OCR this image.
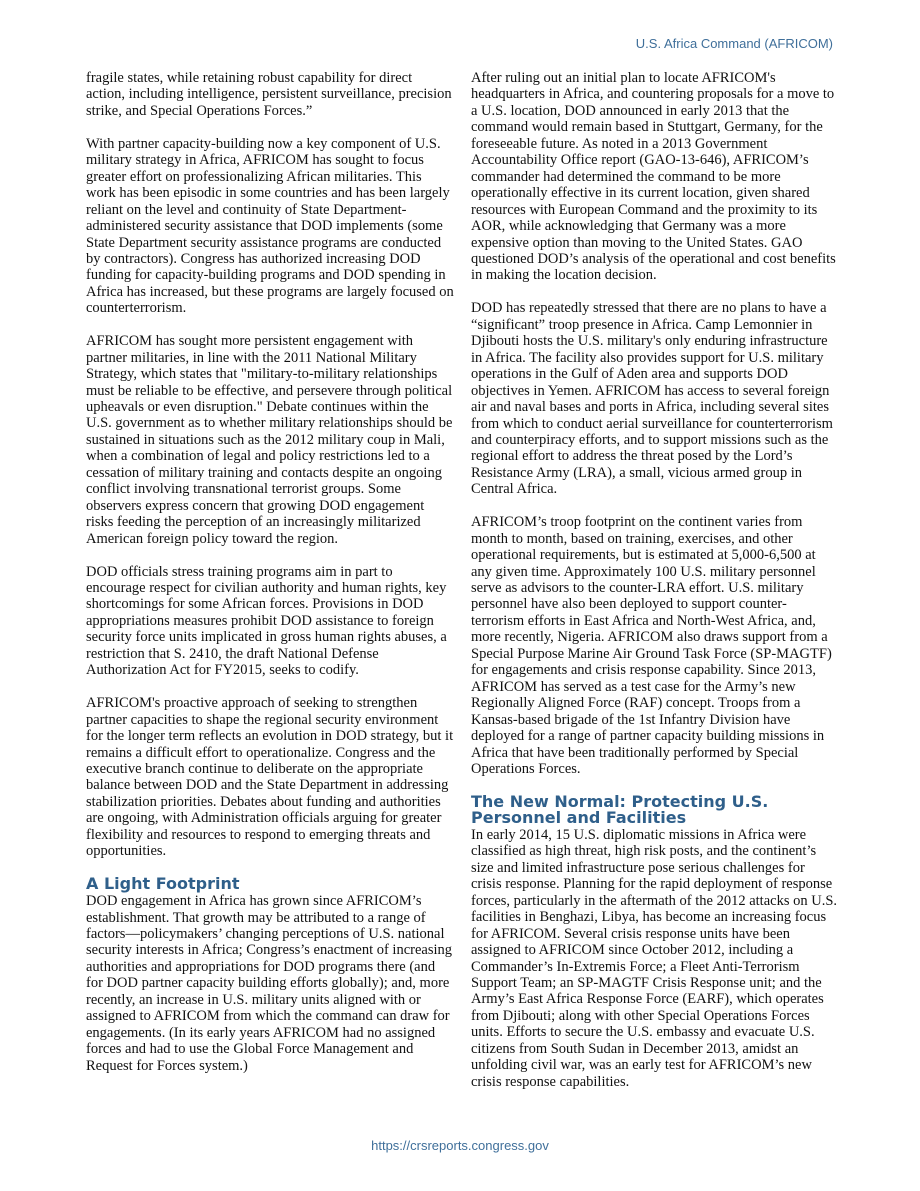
U.S. Africa Command (AFRICOM)

fragile states, while retaining robust capability for direct action, including intelligence, persistent surveillance, precision strike, and Special Operations Forces.”

With partner capacity-building now a key component of U.S. military strategy in Africa, AFRICOM has sought to focus greater effort on professionalizing African militaries. This work has been episodic in some countries and has been largely reliant on the level and continuity of State Department-administered security assistance that DOD implements (some State Department security assistance programs are conducted by contractors). Congress has authorized increasing DOD funding for capacity-building programs and DOD spending in Africa has increased, but these programs are largely focused on counterterrorism.

AFRICOM has sought more persistent engagement with partner militaries, in line with the 2011 National Military Strategy, which states that "military-to-military relationships must be reliable to be effective, and persevere through political upheavals or even disruption." Debate continues within the U.S. government as to whether military relationships should be sustained in situations such as the 2012 military coup in Mali, when a combination of legal and policy restrictions led to a cessation of military training and contacts despite an ongoing conflict involving transnational terrorist groups. Some observers express concern that growing DOD engagement risks feeding the perception of an increasingly militarized American foreign policy toward the region.

DOD officials stress training programs aim in part to encourage respect for civilian authority and human rights, key shortcomings for some African forces. Provisions in DOD appropriations measures prohibit DOD assistance to foreign security force units implicated in gross human rights abuses, a restriction that S. 2410, the draft National Defense Authorization Act for FY2015, seeks to codify.

AFRICOM's proactive approach of seeking to strengthen partner capacities to shape the regional security environment for the longer term reflects an evolution in DOD strategy, but it remains a difficult effort to operationalize. Congress and the executive branch continue to deliberate on the appropriate balance between DOD and the State Department in addressing stabilization priorities. Debates about funding and authorities are ongoing, with Administration officials arguing for greater flexibility and resources to respond to emerging threats and opportunities.

A Light Footprint

DOD engagement in Africa has grown since AFRICOM’s establishment. That growth may be attributed to a range of factors—policymakers’ changing perceptions of U.S. national security interests in Africa; Congress’s enactment of increasing authorities and appropriations for DOD programs there (and for DOD partner capacity building efforts globally); and, more recently, an increase in U.S. military units aligned with or assigned to AFRICOM from which the command can draw for engagements. (In its early years AFRICOM had no assigned forces and had to use the Global Force Management and Request for Forces system.)

After ruling out an initial plan to locate AFRICOM's headquarters in Africa, and countering proposals for a move to a U.S. location, DOD announced in early 2013 that the command would remain based in Stuttgart, Germany, for the foreseeable future. As noted in a 2013 Government Accountability Office report (GAO-13-646), AFRICOM’s commander had determined the command to be more operationally effective in its current location, given shared resources with European Command and the proximity to its AOR, while acknowledging that Germany was a more expensive option than moving to the United States. GAO questioned DOD’s analysis of the operational and cost benefits in making the location decision.

DOD has repeatedly stressed that there are no plans to have a “significant” troop presence in Africa. Camp Lemonnier in Djibouti hosts the U.S. military's only enduring infrastructure in Africa. The facility also provides support for U.S. military operations in the Gulf of Aden area and supports DOD objectives in Yemen. AFRICOM has access to several foreign air and naval bases and ports in Africa, including several sites from which to conduct aerial surveillance for counterterrorism and counterpiracy efforts, and to support missions such as the regional effort to address the threat posed by the Lord’s Resistance Army (LRA), a small, vicious armed group in Central Africa.

AFRICOM’s troop footprint on the continent varies from month to month, based on training, exercises, and other operational requirements, but is estimated at 5,000-6,500 at any given time. Approximately 100 U.S. military personnel serve as advisors to the counter-LRA effort. U.S. military personnel have also been deployed to support counter-terrorism efforts in East Africa and North-West Africa, and, more recently, Nigeria. AFRICOM also draws support from a Special Purpose Marine Air Ground Task Force (SP-MAGTF) for engagements and crisis response capability. Since 2013, AFRICOM has served as a test case for the Army’s new Regionally Aligned Force (RAF) concept. Troops from a Kansas-based brigade of the 1st Infantry Division have deployed for a range of partner capacity building missions in Africa that have been traditionally performed by Special Operations Forces.

The New Normal: Protecting U.S. Personnel and Facilities

In early 2014, 15 U.S. diplomatic missions in Africa were classified as high threat, high risk posts, and the continent’s size and limited infrastructure pose serious challenges for crisis response. Planning for the rapid deployment of response forces, particularly in the aftermath of the 2012 attacks on U.S. facilities in Benghazi, Libya, has become an increasing focus for AFRICOM. Several crisis response units have been assigned to AFRICOM since October 2012, including a Commander’s In-Extremis Force; a Fleet Anti-Terrorism Support Team; an SP-MAGTF Crisis Response unit; and the Army’s East Africa Response Force (EARF), which operates from Djibouti; along with other Special Operations Forces units. Efforts to secure the U.S. embassy and evacuate U.S. citizens from South Sudan in December 2013, amidst an unfolding civil war, was an early test for AFRICOM’s new crisis response capabilities.

https://crsreports.congress.gov
